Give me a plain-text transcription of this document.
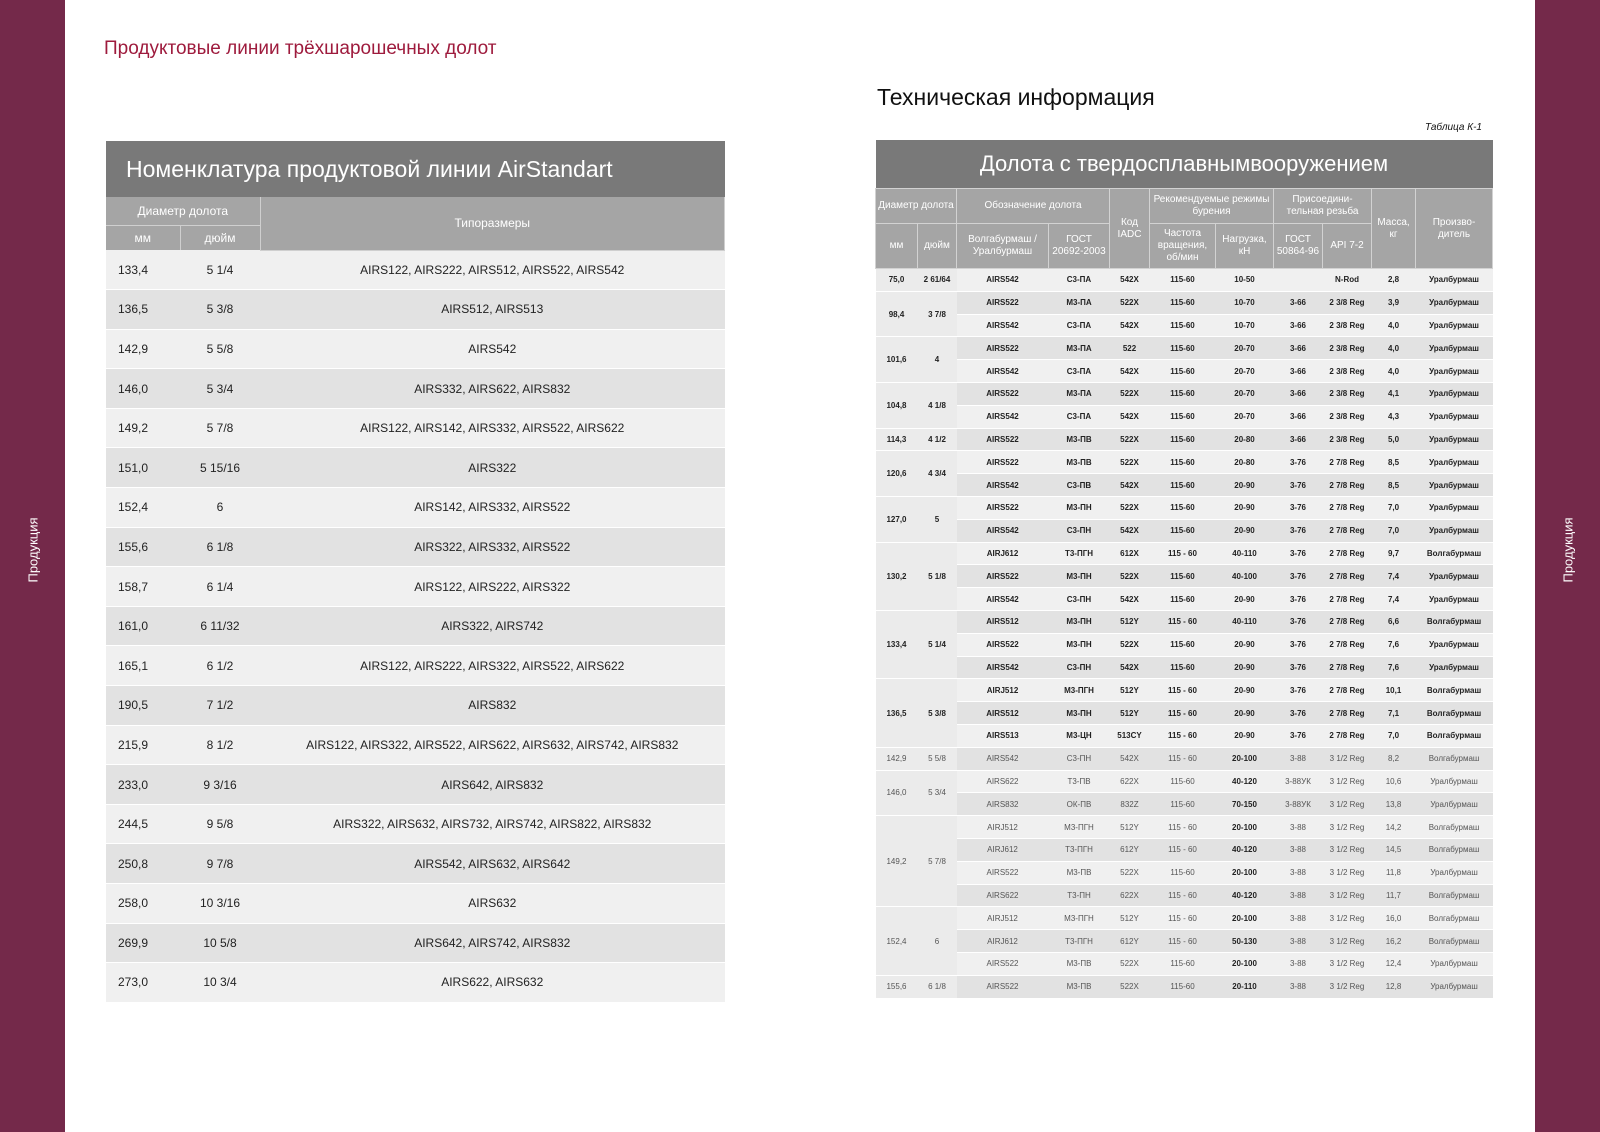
Продукция	Продукция
Продуктовые линии трёхшарошечных долот
Техническая информация
Таблица К-1
Номенклатура продуктовой линии AirStandart		
Диаметр долота		Типоразмеры
мм	дюйм	
133,4	5 1/4	AIRS122, AIRS222, AIRS512, AIRS522, AIRS542
136,5	5 3/8	AIRS512, AIRS513
142,9	5 5/8	AIRS542
146,0	5 3/4	AIRS332, AIRS622, AIRS832
149,2	5 7/8	AIRS122, AIRS142, AIRS332, AIRS522, AIRS622
151,0	5 15/16	AIRS322
152,4	6	AIRS142, AIRS332, AIRS522
155,6	6 1/8	AIRS322, AIRS332, AIRS522
158,7	6 1/4	AIRS122, AIRS222, AIRS322
161,0	6 11/32	AIRS322, AIRS742
165,1	6 1/2	AIRS122, AIRS222, AIRS322, AIRS522, AIRS622
190,5	7 1/2	AIRS832
215,9	8 1/2	AIRS122, AIRS322, AIRS522, AIRS622, AIRS632, AIRS742, AIRS832
233,0	9 3/16	AIRS642, AIRS832
244,5	9 5/8	AIRS322, AIRS632, AIRS732, AIRS742, AIRS822, AIRS832
250,8	9 7/8	AIRS542, AIRS632, AIRS642
258,0	10 3/16	AIRS632
269,9	10 5/8	AIRS642, AIRS742, AIRS832
273,0	10 3/4	AIRS622, AIRS632
Долота с твердосплавнымвооружением										
Диаметр долота		Обозначение долота		Код IADC	Рекомендуемые режимы бурения		Присоедини-тельная резьба		Масса, кг	Произво-дитель
мм	дюйм	Волгабурмаш / Уралбурмаш	ГОСТ 20692-2003		Частота вращения, об/мин	Нагрузка, кН	ГОСТ 50864-96	API 7-2		
75,0	2 61/64	AIRS542	С3-ПА	542X	115-60	10-50		N-Rod	2,8	Уралбурмаш
98,4	3 7/8	AIRS522	М3-ПА	522X	115-60	10-70	3-66	2 3/8 Reg	3,9	Уралбурмаш
		AIRS542	С3-ПА	542X	115-60	10-70	3-66	2 3/8 Reg	4,0	Уралбурмаш
101,6	4	AIRS522	М3-ПА	522	115-60	20-70	3-66	2 3/8 Reg	4,0	Уралбурмаш
		AIRS542	С3-ПА	542X	115-60	20-70	3-66	2 3/8 Reg	4,0	Уралбурмаш
104,8	4 1/8	AIRS522	М3-ПА	522X	115-60	20-70	3-66	2 3/8 Reg	4,1	Уралбурмаш
		AIRS542	С3-ПА	542X	115-60	20-70	3-66	2 3/8 Reg	4,3	Уралбурмаш
114,3	4 1/2	AIRS522	М3-ПВ	522X	115-60	20-80	3-66	2 3/8 Reg	5,0	Уралбурмаш
120,6	4 3/4	AIRS522	М3-ПВ	522X	115-60	20-80	3-76	2 7/8 Reg	8,5	Уралбурмаш
		AIRS542	С3-ПВ	542X	115-60	20-90	3-76	2 7/8 Reg	8,5	Уралбурмаш
127,0	5	AIRS522	М3-ПН	522X	115-60	20-90	3-76	2 7/8 Reg	7,0	Уралбурмаш
		AIRS542	С3-ПН	542X	115-60	20-90	3-76	2 7/8 Reg	7,0	Уралбурмаш
130,2	5 1/8	AIRJ612	Т3-ПГН	612X	115 - 60	40-110	3-76	2 7/8 Reg	9,7	Волгабурмаш
		AIRS522	М3-ПН	522X	115-60	40-100	3-76	2 7/8 Reg	7,4	Уралбурмаш
		AIRS542	С3-ПН	542X	115-60	20-90	3-76	2 7/8 Reg	7,4	Уралбурмаш
133,4	5 1/4	AIRS512	М3-ПН	512Y	115 - 60	40-110	3-76	2 7/8 Reg	6,6	Волгабурмаш
		AIRS522	М3-ПН	522X	115-60	20-90	3-76	2 7/8 Reg	7,6	Уралбурмаш
		AIRS542	С3-ПН	542X	115-60	20-90	3-76	2 7/8 Reg	7,6	Уралбурмаш
136,5	5 3/8	AIRJ512	М3-ПГН	512Y	115 - 60	20-90	3-76	2 7/8 Reg	10,1	Волгабурмаш
		AIRS512	М3-ПН	512Y	115 - 60	20-90	3-76	2 7/8 Reg	7,1	Волгабурмаш
		AIRS513	М3-ЦН	513CY	115 - 60	20-90	3-76	2 7/8 Reg	7,0	Волгабурмаш
142,9	5 5/8	AIRS542	С3-ПН	542X	115 - 60	20-100	3-88	3 1/2 Reg	8,2	Волгабурмаш
146,0	5 3/4	AIRS622	Т3-ПВ	622X	115-60	40-120	3-88УК	3 1/2 Reg	10,6	Уралбурмаш
		AIRS832	ОК-ПВ	832Z	115-60	70-150	3-88УК	3 1/2 Reg	13,8	Уралбурмаш
149,2	5 7/8	AIRJ512	М3-ПГН	512Y	115 - 60	20-100	3-88	3 1/2 Reg	14,2	Волгабурмаш
		AIRJ612	Т3-ПГН	612Y	115 - 60	40-120	3-88	3 1/2 Reg	14,5	Волгабурмаш
		AIRS522	М3-ПВ	522X	115-60	20-100	3-88	3 1/2 Reg	11,8	Уралбурмаш
		AIRS622	Т3-ПН	622X	115 - 60	40-120	3-88	3 1/2 Reg	11,7	Волгабурмаш
152,4	6	AIRJ512	М3-ПГН	512Y	115 - 60	20-100	3-88	3 1/2 Reg	16,0	Волгабурмаш
		AIRJ612	Т3-ПГН	612Y	115 - 60	50-130	3-88	3 1/2 Reg	16,2	Волгабурмаш
		AIRS522	М3-ПВ	522X	115-60	20-100	3-88	3 1/2 Reg	12,4	Уралбурмаш
155,6	6 1/8	AIRS522	М3-ПВ	522X	115-60	20-110	3-88	3 1/2 Reg	12,8	Уралбурмаш
